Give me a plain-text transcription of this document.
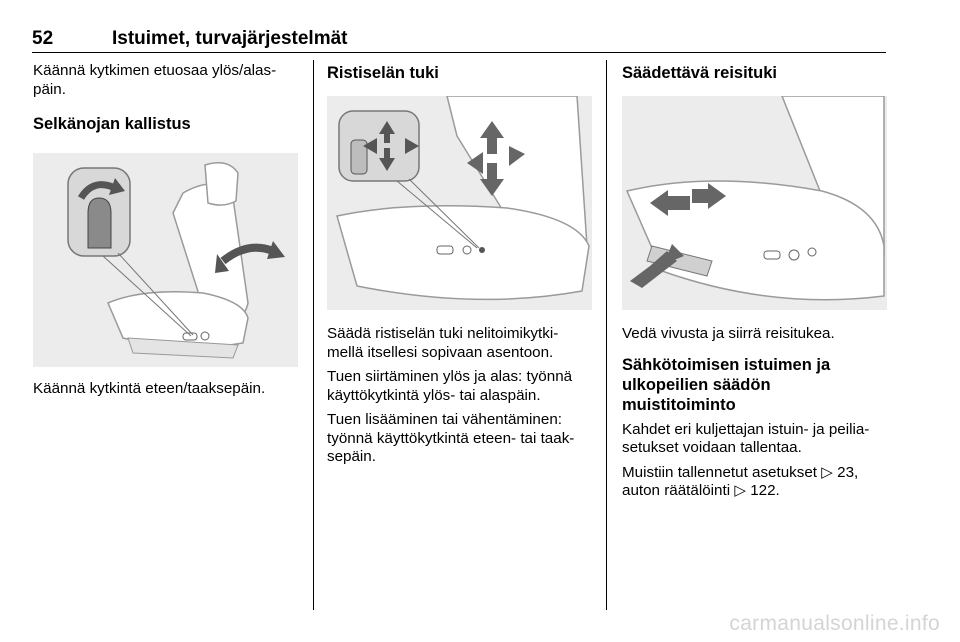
52	Istuimet, turvajärjestelmät

Käännä kytkimen etuosaa ylös/alas-
päin.

Selkänojan kallistus

Käännä kytkintä eteen/taaksepäin.

Ristiselän tuki

Säädä ristiselän tuki nelitoimikytki-
mellä itsellesi sopivaan asentoon.

Tuen siirtäminen ylös ja alas: työnnä
käyttökytkintä ylös- tai alaspäin.

Tuen lisääminen tai vähentäminen:
työnnä käyttökytkintä eteen- tai taak-
sepäin.

Säädettävä reisituki

Vedä vivusta ja siirrä reisitukea.

Sähkötoimisen istuimen ja
ulkopeilien säädön muistitoiminto

Kahdet eri kuljettajan istuin- ja peilia-
setukset voidaan tallentaa.

Muistiin tallennetut asetukset ▷ 23,
auton räätälöinti ▷ 122.

carmanualsonline.info
